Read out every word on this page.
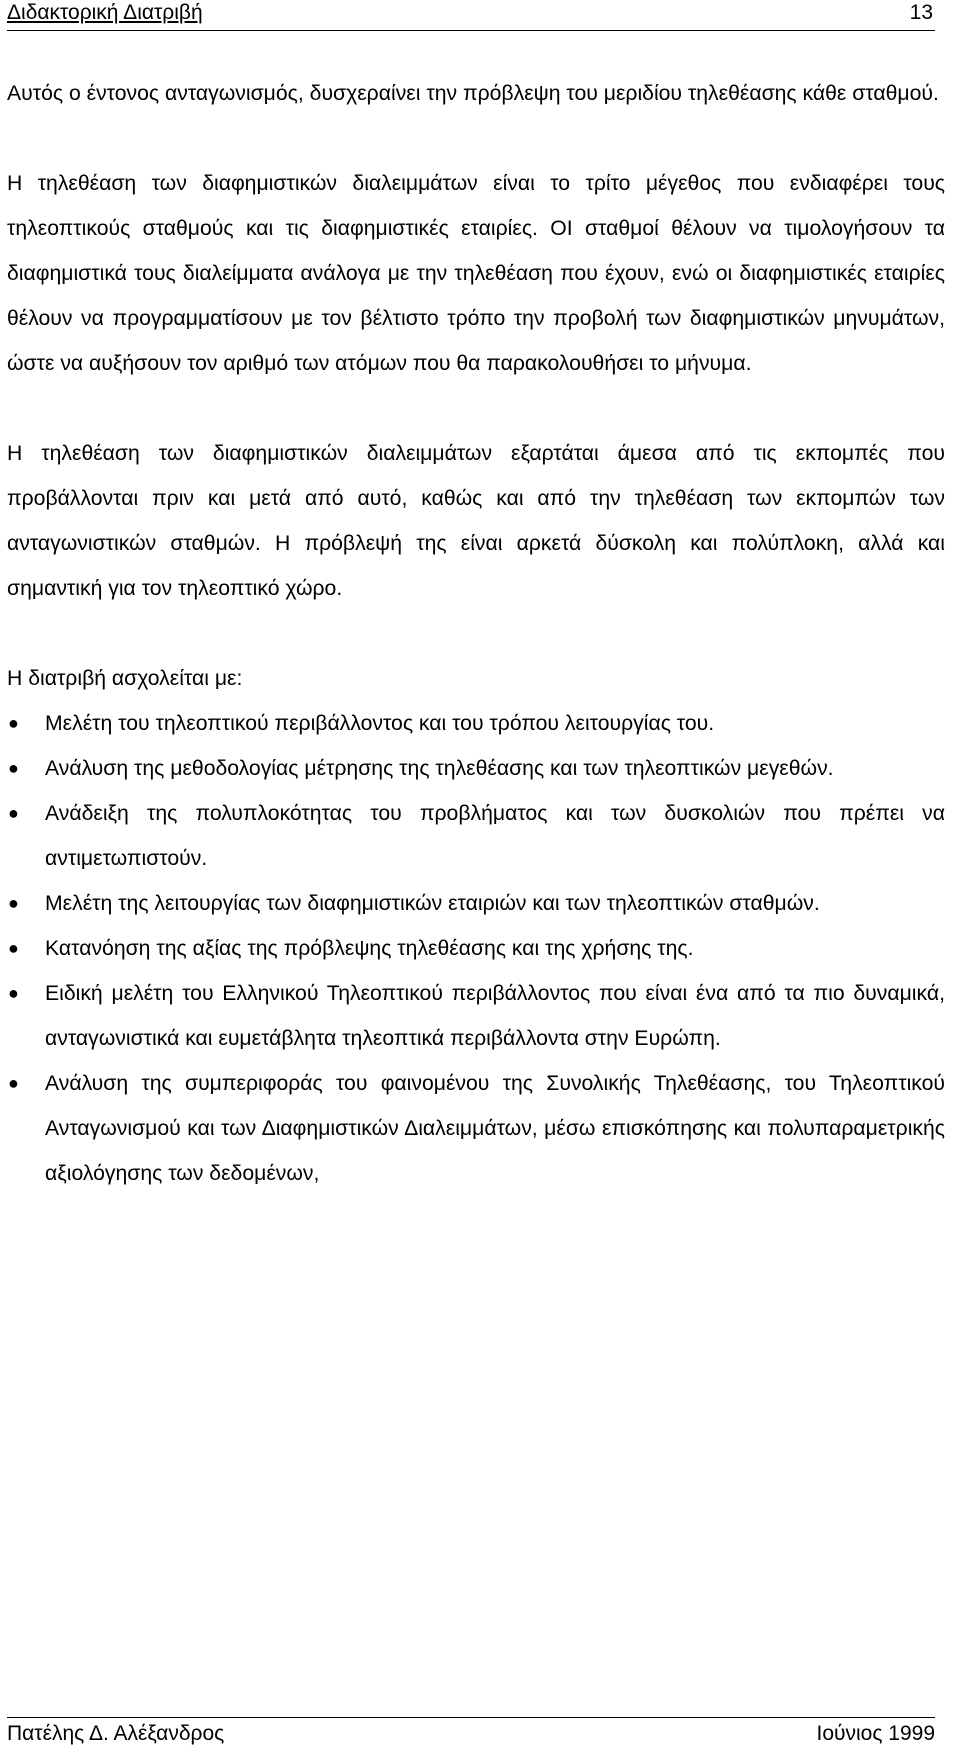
Διδακτορική Διατριβή	13

Αυτός ο έντονος ανταγωνισμός, δυσχεραίνει την πρόβλεψη του μεριδίου τηλεθέασης κάθε σταθμού.

Η τηλεθέαση των διαφημιστικών διαλειμμάτων είναι το τρίτο μέγεθος που ενδιαφέρει τους τηλεοπτικούς σταθμούς και τις διαφημιστικές εταιρίες. ΟΙ σταθμοί θέλουν να τιμολογήσουν τα διαφημιστικά τους διαλείμματα ανάλογα με την τηλεθέαση που έχουν, ενώ οι διαφημιστικές εταιρίες θέλουν να προγραμματίσουν με τον βέλτιστο τρόπο την προβολή των διαφημιστικών μηνυμάτων, ώστε να αυξήσουν τον αριθμό των ατόμων που θα παρακολουθήσει το μήνυμα.

Η τηλεθέαση των διαφημιστικών διαλειμμάτων εξαρτάται άμεσα από τις εκπομπές που προβάλλονται πριν και μετά από αυτό, καθώς και από την τηλεθέαση των εκπομπών των ανταγωνιστικών σταθμών. Η πρόβλεψή της είναι αρκετά δύσκολη και πολύπλοκη, αλλά και σημαντική για τον τηλεοπτικό χώρο.

Η διατριβή ασχολείται με:

● Μελέτη του τηλεοπτικού περιβάλλοντος και του τρόπου λειτουργίας του.
● Ανάλυση της μεθοδολογίας μέτρησης της τηλεθέασης και των τηλεοπτικών μεγεθών.
● Ανάδειξη της πολυπλοκότητας του προβλήματος και των δυσκολιών που πρέπει να αντιμετωπιστούν.
● Μελέτη της λειτουργίας των διαφημιστικών εταιριών και των τηλεοπτικών σταθμών.
● Κατανόηση της αξίας της πρόβλεψης τηλεθέασης και της χρήσης της.
● Ειδική μελέτη του Ελληνικού Τηλεοπτικού περιβάλλοντος που είναι ένα από τα πιο δυναμικά, ανταγωνιστικά και ευμετάβλητα τηλεοπτικά περιβάλλοντα στην Ευρώπη.
● Ανάλυση της συμπεριφοράς του φαινομένου της Συνολικής Τηλεθέασης, του Τηλεοπτικού Ανταγωνισμού και των Διαφημιστικών Διαλειμμάτων, μέσω επισκόπησης και πολυπαραμετρικής αξιολόγησης των δεδομένων,
Πατέλης Δ. Αλέξανδρος	Ιούνιος 1999
